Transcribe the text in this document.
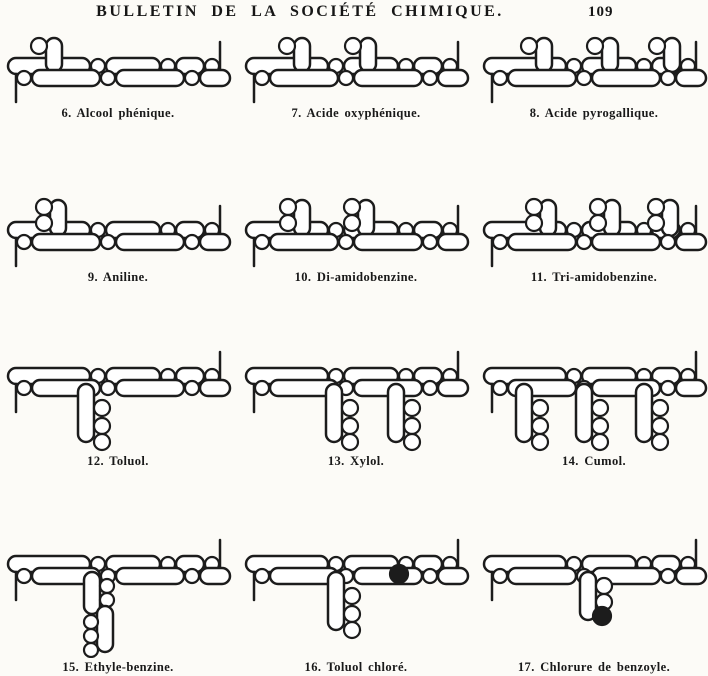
BULLETIN DE LA SOCIÉTÉ CHIMIQUE.	109
6. Alcool phénique.	7. Acide oxyphénique.	8. Acide pyrogallique.
9. Aniline.	10. Di-amidobenzine.	11. Tri-amidobenzine.
12. Toluol.	13. Xylol.	14. Cumol.
15. Ethyle-benzine.	16. Toluol chloré.	17. Chlorure de benzoyle.
